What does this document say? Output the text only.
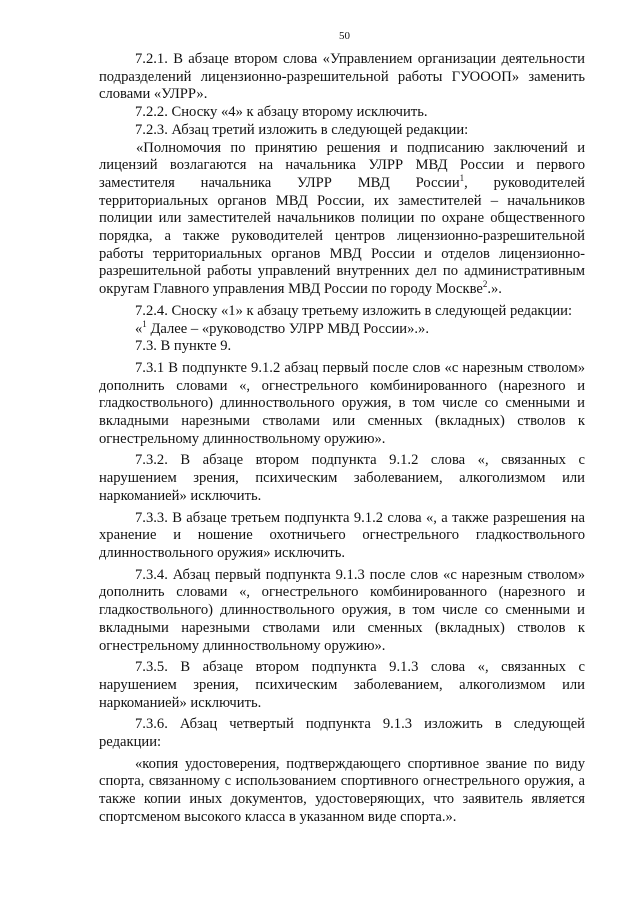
50

7.2.1. В абзаце втором слова «Управлением организации деятельности подразделений лицензионно-разрешительной работы ГУОООП» заменить словами «УЛРР».

7.2.2. Сноску «4» к абзацу второму исключить.

7.2.3. Абзац третий изложить в следующей редакции:

«Полномочия по принятию решения и подписанию заключений и лицензий возлагаются на начальника УЛРР МВД России и первого заместителя начальника УЛРР МВД России$^1$, руководителей территориальных органов МВД России, их заместителей – начальников полиции или заместителей начальников полиции по охране общественного порядка, а также руководителей центров лицензионно-разрешительной работы территориальных органов МВД России и отделов лицензионно-разрешительной работы управлений внутренних дел по административным округам Главного управления МВД России по городу Москве$^2$.».

7.2.4. Сноску «1» к абзацу третьему изложить в следующей редакции:

«$^1$ Далее – «руководство УЛРР МВД России».».

7.3. В пункте 9.

7.3.1 В подпункте 9.1.2 абзац первый после слов «с нарезным стволом» дополнить словами «, огнестрельного комбинированного (нарезного и гладкоствольного) длинноствольного оружия, в том числе со сменными и вкладными нарезными стволами или сменных (вкладных) стволов к огнестрельному длинноствольному оружию».

7.3.2. В абзаце втором подпункта 9.1.2 слова «, связанных с нарушением зрения, психическим заболеванием, алкоголизмом или наркоманией» исключить.

7.3.3. В абзаце третьем подпункта 9.1.2 слова «, а также разрешения на хранение и ношение охотничьего огнестрельного гладкоствольного длинноствольного оружия» исключить.

7.3.4. Абзац первый подпункта 9.1.3 после слов «с нарезным стволом» дополнить словами «, огнестрельного комбинированного (нарезного и гладкоствольного) длинноствольного оружия, в том числе со сменными и вкладными нарезными стволами или сменных (вкладных) стволов к огнестрельному длинноствольному оружию».

7.3.5. В абзаце втором подпункта 9.1.3 слова «, связанных с нарушением зрения, психическим заболеванием, алкоголизмом или наркоманией» исключить.

7.3.6. Абзац четвертый подпункта 9.1.3 изложить в следующей редакции:

«копия удостоверения, подтверждающего спортивное звание по виду спорта, связанному с использованием спортивного огнестрельного оружия, а также копии иных документов, удостоверяющих, что заявитель является спортсменом высокого класса в указанном виде спорта.».
